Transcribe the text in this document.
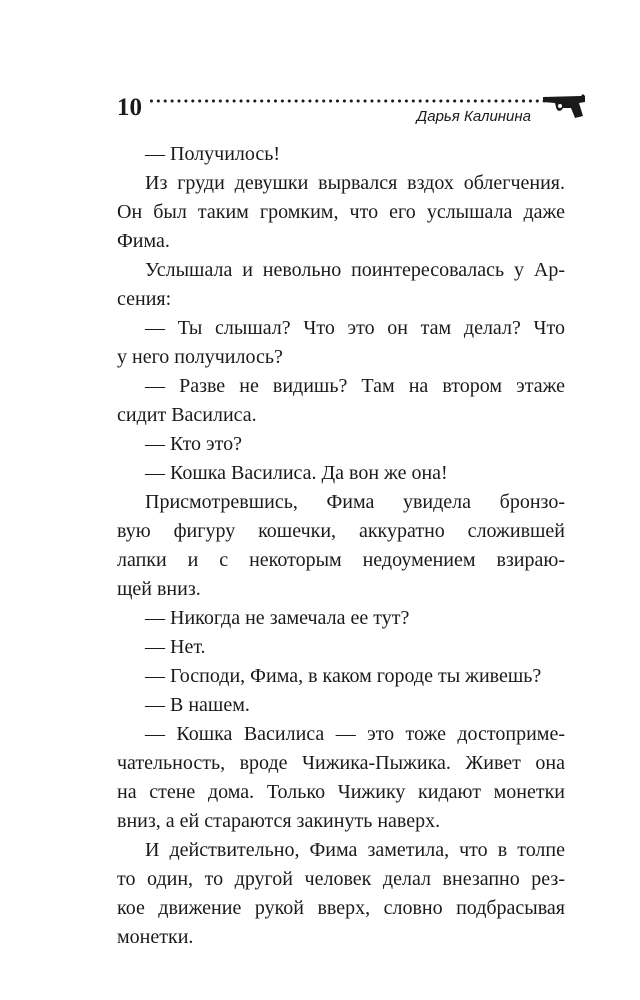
10	Дарья Калинина
— Получилось!
Из груди девушки вырвался вздох облегчения.
Он был таким громким, что его услышала даже
Фима.
Услышала и невольно поинтересовалась у Ар-
сения:
— Ты слышал? Что это он там делал? Что
у него получилось?
— Разве не видишь? Там на втором этаже
сидит Василиса.
— Кто это?
— Кошка Василиса. Да вон же она!
Присмотревшись, Фима увидела бронзо-
вую фигуру кошечки, аккуратно сложившей
лапки и с некоторым недоумением взираю-
щей вниз.
— Никогда не замечала ее тут?
— Нет.
— Господи, Фима, в каком городе ты живешь?
— В нашем.
— Кошка Василиса — это тоже достоприме-
чательность, вроде Чижика-Пыжика. Живет она
на стене дома. Только Чижику кидают монетки
вниз, а ей стараются закинуть наверх.
И действительно, Фима заметила, что в толпе
то один, то другой человек делал внезапно рез-
кое движение рукой вверх, словно подбрасывая
монетки.
